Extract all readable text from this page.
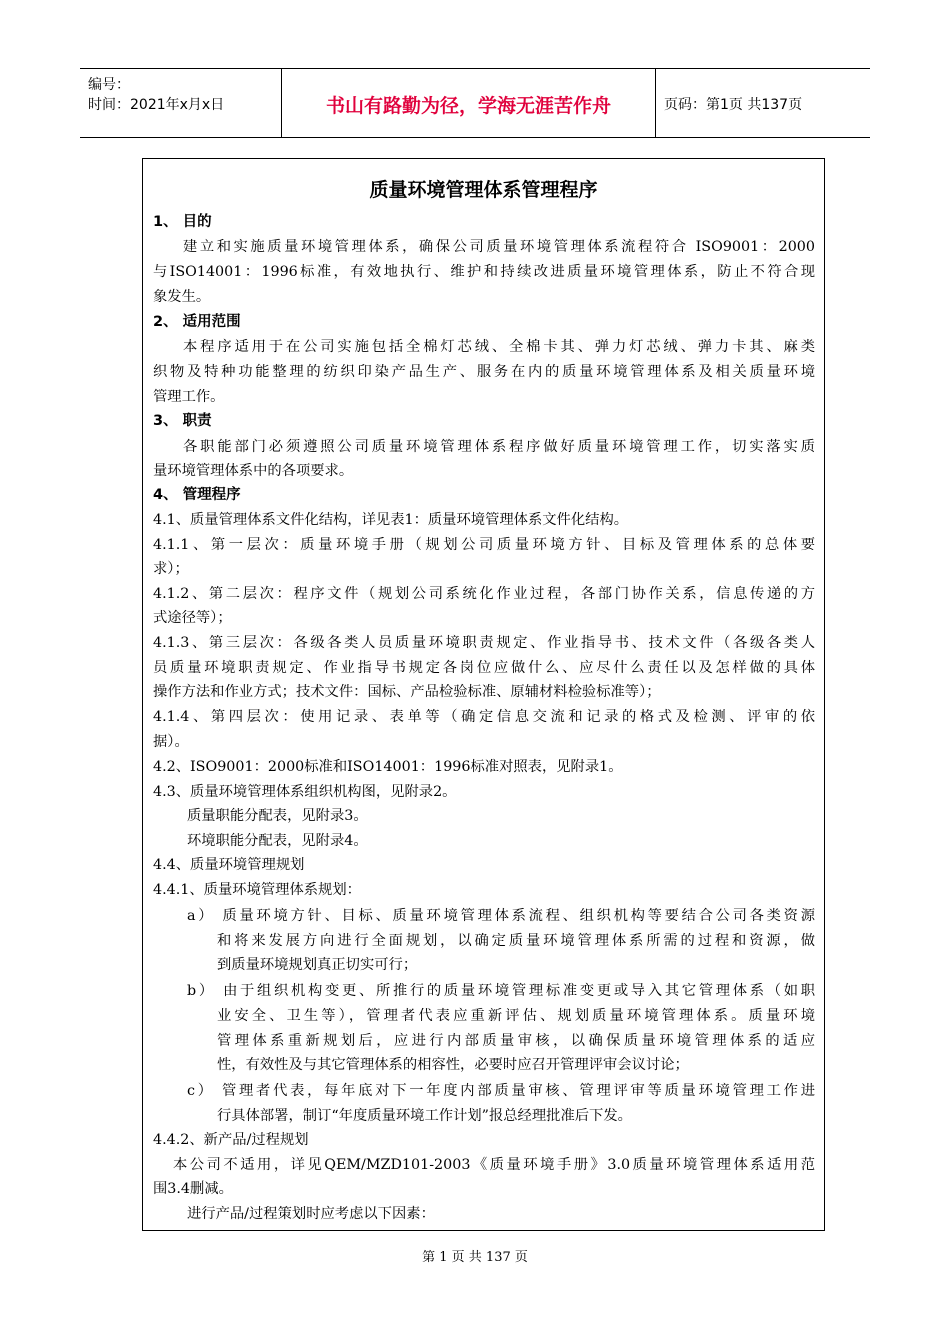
编号：
时间：2021年x月x日	书山有路勤为径，学海无涯苦作舟	页码：第1页 共137页
质量环境管理体系管理程序
1、 目的
建立和实施质量环境管理体系，确保公司质量环境管理体系流程符合 ISO9001：2000
与ISO14001：1996标准，有效地执行、维护和持续改进质量环境管理体系，防止不符合现
象发生。
2、 适用范围
本程序适用于在公司实施包括全棉灯芯绒、全棉卡其、弹力灯芯绒、弹力卡其、麻类
织物及特种功能整理的纺织印染产品生产、服务在内的质量环境管理体系及相关质量环境
管理工作。
3、 职责
各职能部门必须遵照公司质量环境管理体系程序做好质量环境管理工作，切实落实质
量环境管理体系中的各项要求。
4、 管理程序
4.1、质量管理体系文件化结构，详见表1：质量环境管理体系文件化结构。
4.1.1、第一层次：质量环境手册（规划公司质量环境方针、目标及管理体系的总体要
求）；
4.1.2、第二层次：程序文件（规划公司系统化作业过程，各部门协作关系，信息传递的方
式途径等）；
4.1.3、第三层次：各级各类人员质量环境职责规定、作业指导书、技术文件（各级各类人
员质量环境职责规定、作业指导书规定各岗位应做什么、应尽什么责任以及怎样做的具体
操作方法和作业方式；技术文件：国标、产品检验标准、原辅材料检验标准等）；
4.1.4、第四层次：使用记录、表单等（确定信息交流和记录的格式及检测、评审的依
据）。
4.2、ISO9001：2000标准和ISO14001：1996标准对照表，见附录1。
4.3、质量环境管理体系组织机构图，见附录2。
质量职能分配表，见附录3。
环境职能分配表，见附录4。
4.4、质量环境管理规划
4.4.1、质量环境管理体系规划：
a） 质量环境方针、目标、质量环境管理体系流程、组织机构等要结合公司各类资源
和将来发展方向进行全面规划，以确定质量环境管理体系所需的过程和资源，做
到质量环境规划真正切实可行；
b） 由于组织机构变更、所推行的质量环境管理标准变更或导入其它管理体系（如职
业安全、卫生等），管理者代表应重新评估、规划质量环境管理体系。质量环境
管理体系重新规划后，应进行内部质量审核，以确保质量环境管理体系的适应
性，有效性及与其它管理体系的相容性，必要时应召开管理评审会议讨论；
c） 管理者代表，每年底对下一年度内部质量审核、管理评审等质量环境管理工作进
行具体部署，制订“年度质量环境工作计划”报总经理批准后下发。
4.4.2、新产品/过程规划
本公司不适用，详见QEM/MZD101-2003《质量环境手册》3.0质量环境管理体系适用范
围3.4删减。
进行产品/过程策划时应考虑以下因素：
第 1 页 共 137 页
